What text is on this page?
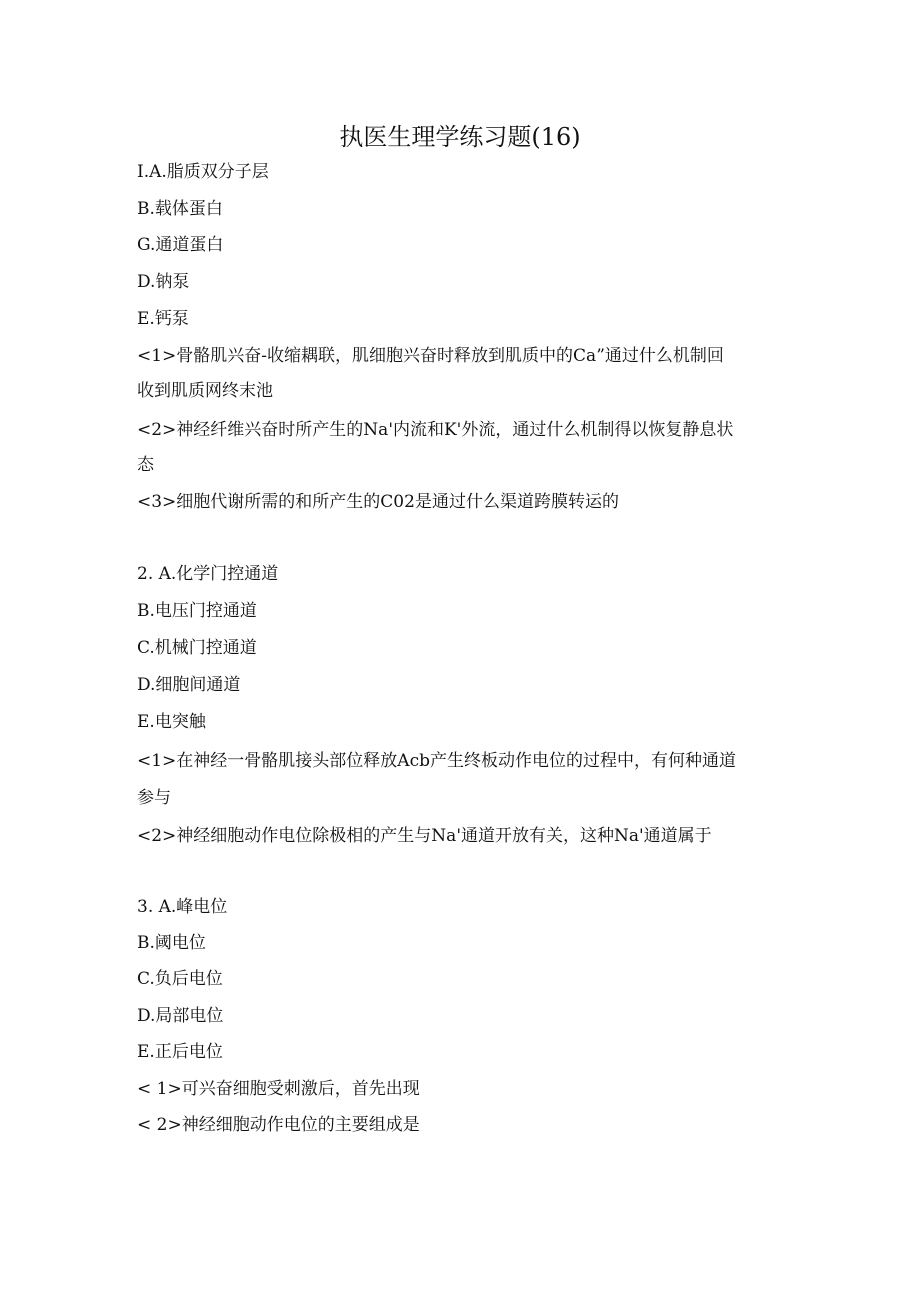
执医生理学练习题(16)
I.A.脂质双分子层
B.载体蛋白
G.通道蛋白
D.钠泵
E.钙泵
<1>骨骼肌兴奋-收缩耦联，肌细胞兴奋时释放到肌质中的Ca”通过什么机制回
收到肌质网终末池
<2>神经纤维兴奋时所产生的Na'内流和K'外流，通过什么机制得以恢复静息状
态
<3>细胞代谢所需的和所产生的C02是通过什么渠道跨膜转运的
2. A.化学门控通道
B.电压门控通道
C.机械门控通道
D.细胞间通道
E.电突触
<1>在神经一骨骼肌接头部位释放Acb产生终板动作电位的过程中，有何种通道
参与
<2>神经细胞动作电位除极相的产生与Na'通道开放有关，这种Na'通道属于
3. A.峰电位
B.阈电位
C.负后电位
D.局部电位
E.正后电位
< 1>可兴奋细胞受刺激后，首先出现
< 2>神经细胞动作电位的主要组成是
